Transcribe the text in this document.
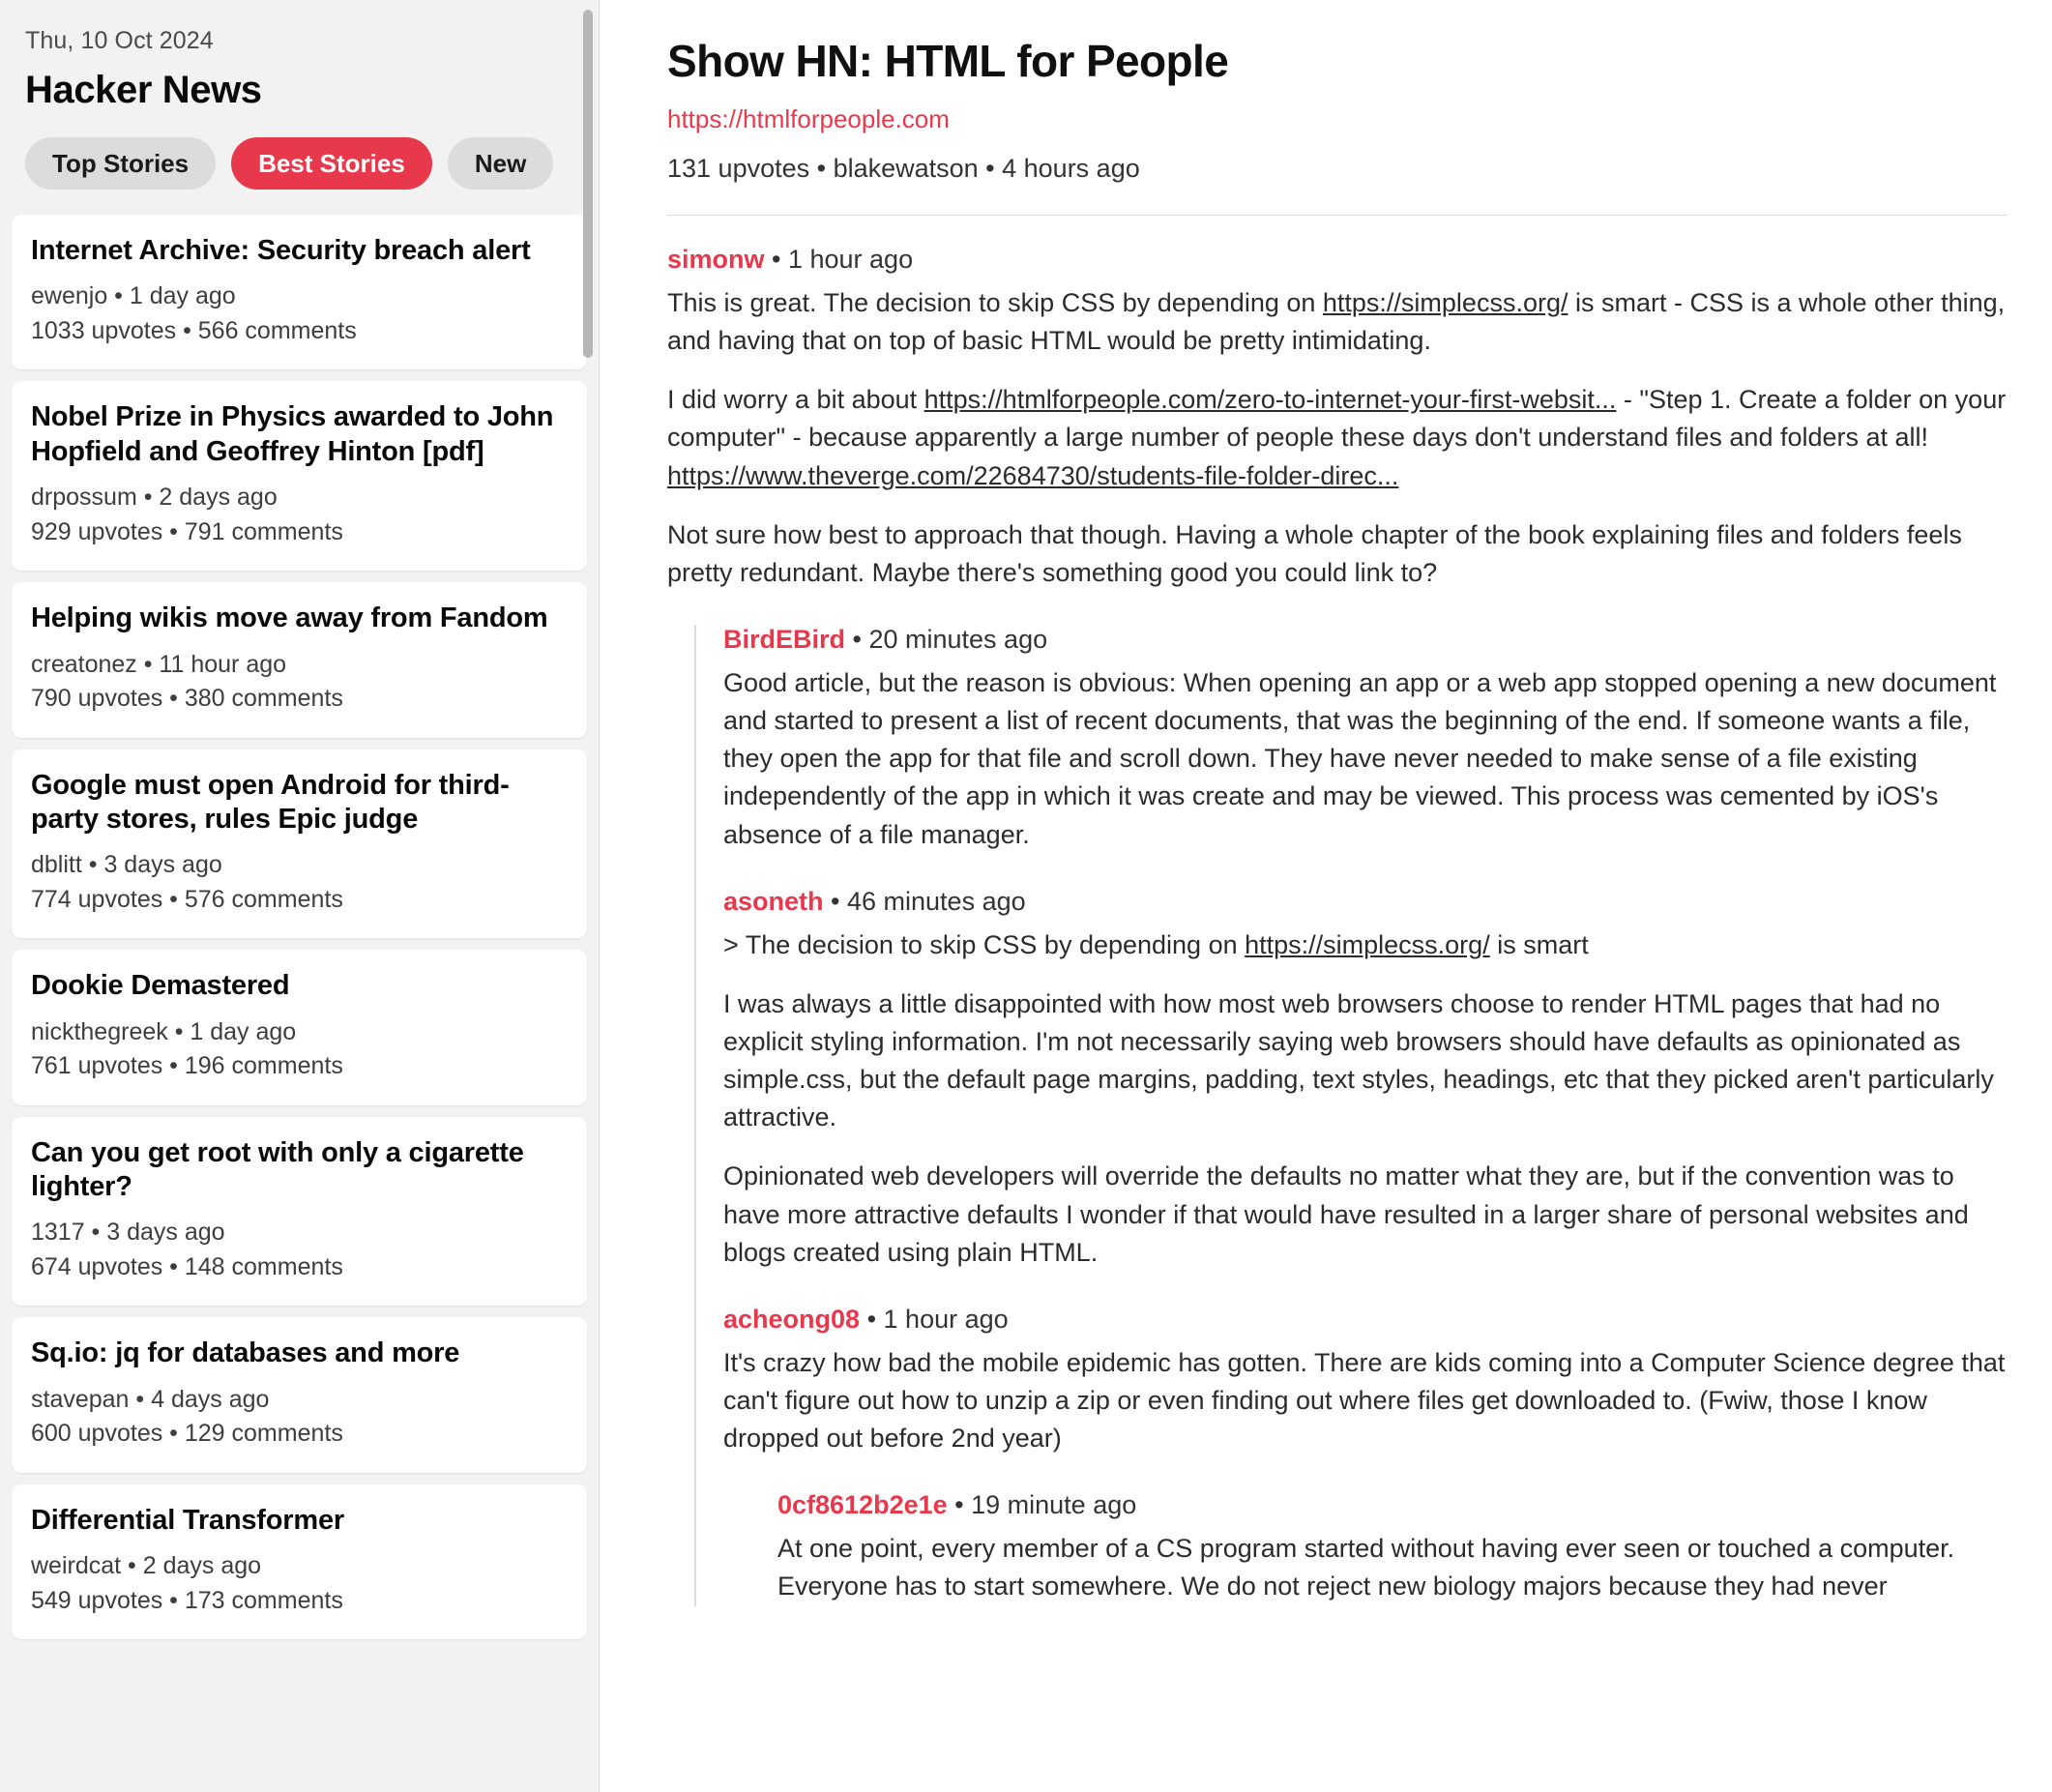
Thu, 10 Oct 2024
Hacker News
Top Stories	Best Stories	New
Internet Archive: Security breach alert
ewenjo • 1 day ago
1033 upvotes • 566 comments
Nobel Prize in Physics awarded to John Hopfield and Geoffrey Hinton [pdf]
drpossum • 2 days ago
929 upvotes • 791 comments
Helping wikis move away from Fandom
creatonez • 11 hour ago
790 upvotes • 380 comments
Google must open Android for third-party stores, rules Epic judge
dblitt • 3 days ago
774 upvotes • 576 comments
Dookie Demastered
nickthegreek • 1 day ago
761 upvotes • 196 comments
Can you get root with only a cigarette lighter?
1317 • 3 days ago
674 upvotes • 148 comments
Sq.io: jq for databases and more
stavepan • 4 days ago
600 upvotes • 129 comments
Differential Transformer
weirdcat • 2 days ago
549 upvotes • 173 comments
Show HN: HTML for People
https://htmlforpeople.com
131 upvotes • blakewatson • 4 hours ago
simonw • 1 hour ago

This is great. The decision to skip CSS by depending on https://simplecss.org/ is smart - CSS is a whole other thing, and having that on top of basic HTML would be pretty intimidating.

I did worry a bit about https://htmlforpeople.com/zero-to-internet-your-first-websit... - "Step 1. Create a folder on your computer" - because apparently a large number of people these days don't understand files and folders at all! https://www.theverge.com/22684730/students-file-folder-direc...

Not sure how best to approach that though. Having a whole chapter of the book explaining files and folders feels pretty redundant. Maybe there's something good you could link to?

BirdEBird • 20 minutes ago

Good article, but the reason is obvious: When opening an app or a web app stopped opening a new document and started to present a list of recent documents, that was the beginning of the end. If someone wants a file, they open the app for that file and scroll down. They have never needed to make sense of a file existing independently of the app in which it was create and may be viewed. This process was cemented by iOS's absence of a file manager.

asoneth • 46 minutes ago

> The decision to skip CSS by depending on https://simplecss.org/ is smart

I was always a little disappointed with how most web browsers choose to render HTML pages that had no explicit styling information. I'm not necessarily saying web browsers should have defaults as opinionated as simple.css, but the default page margins, padding, text styles, headings, etc that they picked aren't particularly attractive.

Opinionated web developers will override the defaults no matter what they are, but if the convention was to have more attractive defaults I wonder if that would have resulted in a larger share of personal websites and blogs created using plain HTML.

acheong08 • 1 hour ago

It's crazy how bad the mobile epidemic has gotten. There are kids coming into a Computer Science degree that can't figure out how to unzip a zip or even finding out where files get downloaded to. (Fwiw, those I know dropped out before 2nd year)

0cf8612b2e1e • 19 minute ago

At one point, every member of a CS program started without having ever seen or touched a computer. Everyone has to start somewhere. We do not reject new biology majors because they had never
